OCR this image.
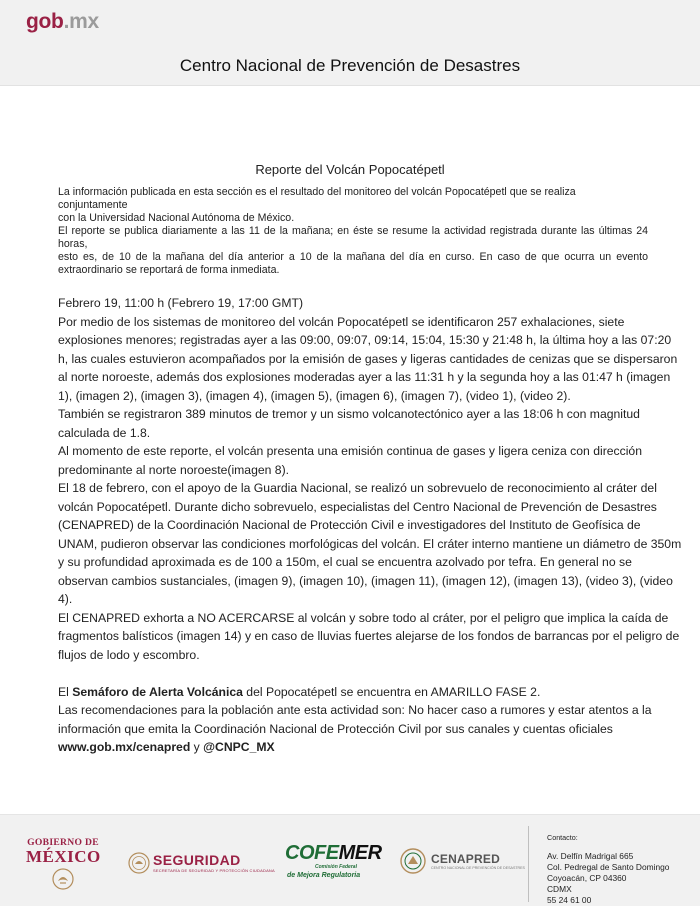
gob.mx
Centro Nacional de Prevención de Desastres
Reporte del Volcán Popocatépetl
La información publicada en esta sección es el resultado del monitoreo del volcán Popocatépetl que se realiza conjuntamente
con la Universidad Nacional Autónoma de México.
El reporte se publica diariamente a las 11 de la mañana; en éste se resume la actividad registrada durante las últimas 24 horas,
esto es, de 10 de la mañana del día anterior a 10 de la mañana del día en curso. En caso de que ocurra un evento
extraordinario se reportará de forma inmediata.
Febrero 19, 11:00 h (Febrero 19, 17:00 GMT)
Por medio de los sistemas de monitoreo del volcán Popocatépetl se identificaron 257 exhalaciones, siete
explosiones menores; registradas ayer a las 09:00, 09:07, 09:14, 15:04, 15:30 y 21:48 h, la última hoy a las 07:20
h, las cuales estuvieron acompañados por la emisión de gases y ligeras cantidades de cenizas que se dispersaron
al norte noroeste, además dos explosiones moderadas ayer a las 11:31 h y la segunda hoy a las 01:47 h (imagen
1), (imagen 2), (imagen 3), (imagen 4), (imagen 5), (imagen 6), (imagen 7), (video 1), (video 2).
También se registraron 389 minutos de tremor y un sismo volcanotectónico ayer a las 18:06 h con magnitud
calculada de 1.8.
Al momento de este reporte, el volcán presenta una emisión continua de gases y ligera ceniza con dirección
predominante al norte noroeste(imagen 8).
El 18 de febrero, con el apoyo de la Guardia Nacional, se realizó un sobrevuelo de reconocimiento al cráter del
volcán Popocatépetl. Durante dicho sobrevuelo, especialistas del Centro Nacional de Prevención de Desastres
(CENAPRED) de la Coordinación Nacional de Protección Civil e investigadores del Instituto de Geofísica de
UNAM, pudieron observar las condiciones morfológicas del volcán. El cráter interno mantiene un diámetro de 350m
y su profundidad aproximada es de 100 a 150m, el cual se encuentra azolvado por tefra. En general no se
observan cambios sustanciales, (imagen 9), (imagen 10), (imagen 11), (imagen 12), (imagen 13), (video 3), (video
4).
El CENAPRED exhorta a NO ACERCARSE al volcán y sobre todo al cráter, por el peligro que implica la caída de
fragmentos balísticos (imagen 14) y en caso de lluvias fuertes alejarse de los fondos de barrancas por el peligro de
flujos de lodo y escombro.
El Semáforo de Alerta Volcánica del Popocatépetl se encuentra en AMARILLO FASE 2.
Las recomendaciones para la población ante esta actividad son: No hacer caso a rumores y estar atentos a la
información que emita la Coordinación Nacional de Protección Civil por sus canales y cuentas oficiales
www.gob.mx/cenapred y @CNPC_MX
GOBIERNO DE
MÉXICO	SEGURIDAD
SECRETARÍA DE SEGURIDAD Y PROTECCIÓN CIUDADANA
COFEMER
Comisión Federal
de Mejora Regulatoria
CENAPRED
CENTRO NACIONAL DE PREVENCIÓN DE DESASTRES
Contacto:
Av. Delfín Madrigal 665
Col. Pedregal de Santo Domingo
Coyoacán, CP 04360
CDMX
55 24 61 00
